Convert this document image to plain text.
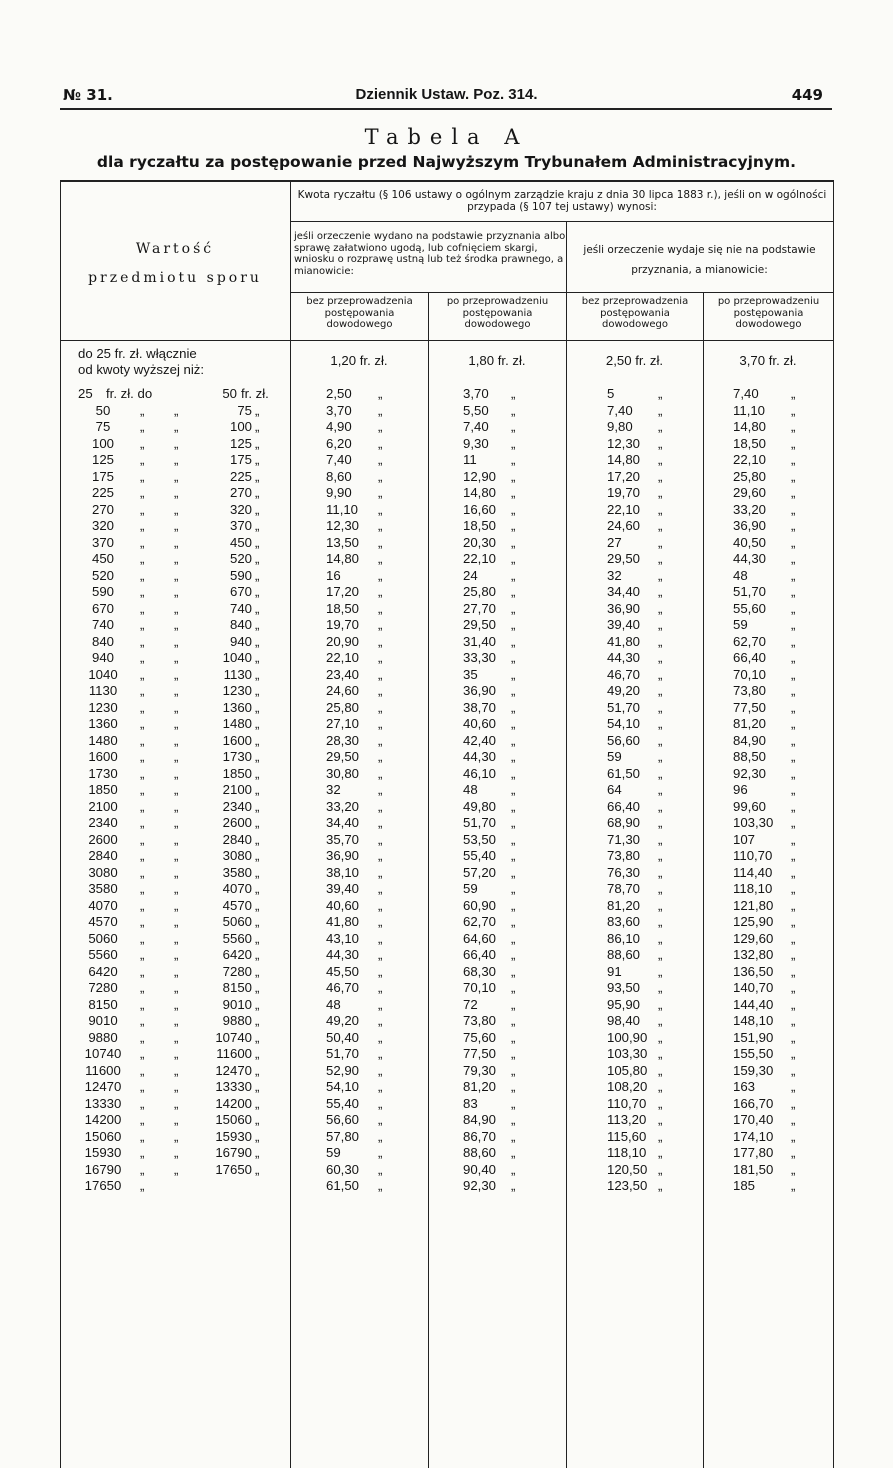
№ 31.	Dziennik Ustaw. Poz. 314.	449
Tabela A
dla ryczałtu za postępowanie przed Najwyższym Trybunałem Administracyjnym.
Wartość
przedmiotu sporu
Kwota ryczałtu (§ 106 ustawy o ogólnym zarządzie kraju z dnia 30 lipca 1883 r.), jeśli on w ogólności przypada (§ 107 tej ustawy) wynosi:
jeśli orzeczenie wydano na podstawie przyznania albo sprawę załatwiono ugodą, lub cofnięciem skargi, wniosku o rozprawę ustną lub też środka prawnego, a mianowicie:
jeśli orzeczenie wydaje się nie na podstawie przyznania, a mianowicie:
bez przeprowadzenia postępowania dowodowego
po przeprowadzeniu postępowania dowodowego
bez przeprowadzenia postępowania dowodowego
po przeprowadzeniu postępowania dowodowego
do 25 fr. zł. włącznie	1,20 fr. zł.	1,80 fr. zł.	2,50 fr. zł.	3,70 fr. zł.
od kwoty wyższej niż:
25 fr. zł. do	50 fr. zł.	2,50 „	3,70 „	5	„	7,40 „
50	„ „	75 „	3,70 „	5,50 „	7,40 „	11,10 „
75	„ „	100 „	4,90 „	7,40 „	9,80 „	14,80 „
100	„ „	125 „	6,20 „	9,30 „	12,30 „	18,50 „
125	„ „	175 „	7,40 „	11	„	14,80 „	22,10 „
175	„ „	225 „	8,60 „	12,90 „	17,20 „	25,80 „
225	„ „	270 „	9,90 „	14,80 „	19,70 „	29,60 „
270	„ „	320 „	11,10 „	16,60 „	22,10 „	33,20 „
320	„ „	370 „	12,30 „	18,50 „	24,60 „	36,90 „
370	„ „	450 „	13,50 „	20,30 „	27	„	40,50 „
450	„ „	520 „	14,80 „	22,10 „	29,50 „	44,30 „
520	„ „	590 „	16	„	24	„	32	„	48	„
590	„ „	670 „	17,20 „	25,80 „	34,40 „	51,70 „
670	„ „	740 „	18,50 „	27,70 „	36,90 „	55,60 „
740	„ „	840 „	19,70 „	29,50 „	39,40 „	59	„
840	„ „	940 „	20,90 „	31,40 „	41,80 „	62,70 „
940	„ „	1040 „	22,10 „	33,30 „	44,30 „	66,40 „
1040	„ „	1130 „	23,40 „	35	„	46,70 „	70,10 „
1130	„ „	1230 „	24,60 „	36,90 „	49,20 „	73,80 „
1230	„ „	1360 „	25,80 „	38,70 „	51,70 „	77,50 „
1360	„ „	1480 „	27,10 „	40,60 „	54,10 „	81,20 „
1480	„ „	1600 „	28,30 „	42,40 „	56,60 „	84,90 „
1600	„ „	1730 „	29,50 „	44,30 „	59	„	88,50 „
1730	„ „	1850 „	30,80 „	46,10 „	61,50 „	92,30 „
1850	„ „	2100 „	32	„	48	„	64	„	96	„
2100	„ „	2340 „	33,20 „	49,80 „	66,40 „	99,60 „
2340	„ „	2600 „	34,40 „	51,70 „	68,90 „	103,30 „
2600	„ „	2840 „	35,70 „	53,50 „	71,30 „	107	„
2840	„ „	3080 „	36,90 „	55,40 „	73,80 „	110,70 „
3080	„ „	3580 „	38,10 „	57,20 „	76,30 „	114,40 „
3580	„ „	4070 „	39,40 „	59	„	78,70 „	118,10 „
4070	„ „	4570 „	40,60 „	60,90 „	81,20 „	121,80 „
4570	„ „	5060 „	41,80 „	62,70 „	83,60 „	125,90 „
5060	„ „	5560 „	43,10 „	64,60 „	86,10 „	129,60 „
5560	„ „	6420 „	44,30 „	66,40 „	88,60 „	132,80 „
6420	„ „	7280 „	45,50 „	68,30 „	91	„	136,50 „
7280	„ „	8150 „	46,70 „	70,10 „	93,50 „	140,70 „
8150	„ „	9010 „	48	„	72	„	95,90 „	144,40 „
9010	„ „	9880 „	49,20 „	73,80 „	98,40 „	148,10 „
9880	„ „	10740 „	50,40 „	75,60 „	100,90 „	151,90 „
10740	„ „	11600 „	51,70 „	77,50 „	103,30 „	155,50 „
11600	„ „	12470 „	52,90 „	79,30 „	105,80 „	159,30 „
12470	„ „	13330 „	54,10 „	81,20 „	108,20 „	163	„
13330	„ „	14200 „	55,40 „	83	„	110,70 „	166,70 „
14200	„ „	15060 „	56,60 „	84,90 „	113,20 „	170,40 „
15060	„ „	15930 „	57,80 „	86,70 „	115,60 „	174,10 „
15930	„ „	16790 „	59	„	88,60 „	118,10 „	177,80 „
16790	„ „	17650 „	60,30 „	90,40 „	120,50 „	181,50 „
17650	„	61,50 „	92,30 „	123,50 „	185	„
